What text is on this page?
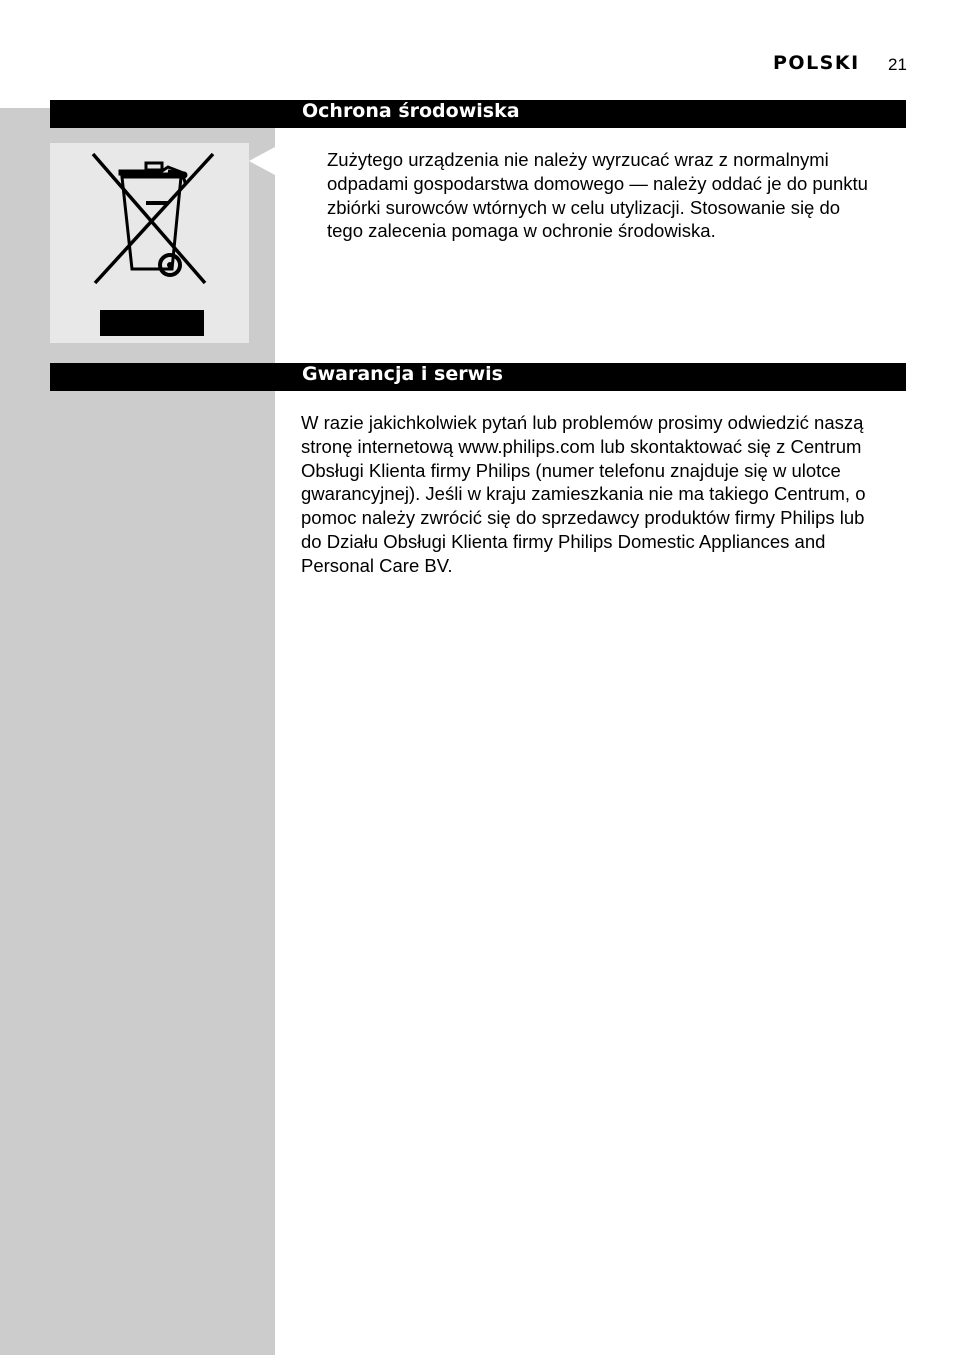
POLSKI 21
Ochrona środowiska

Zużytego urządzenia nie należy wyrzucać wraz z normalnymi
odpadami gospodarstwa domowego — należy oddać je do punktu
zbiórki surowców wtórnych w celu utylizacji. Stosowanie się do
tego zalecenia pomaga w ochronie środowiska.

Gwarancja i serwis

W razie jakichkolwiek pytań lub problemów prosimy odwiedzić naszą
stronę internetową www.philips.com lub skontaktować się z Centrum
Obsługi Klienta firmy Philips (numer telefonu znajduje się w ulotce
gwarancyjnej). Jeśli w kraju zamieszkania nie ma takiego Centrum, o
pomoc należy zwrócić się do sprzedawcy produktów firmy Philips lub
do Działu Obsługi Klienta firmy Philips Domestic Appliances and
Personal Care BV.
